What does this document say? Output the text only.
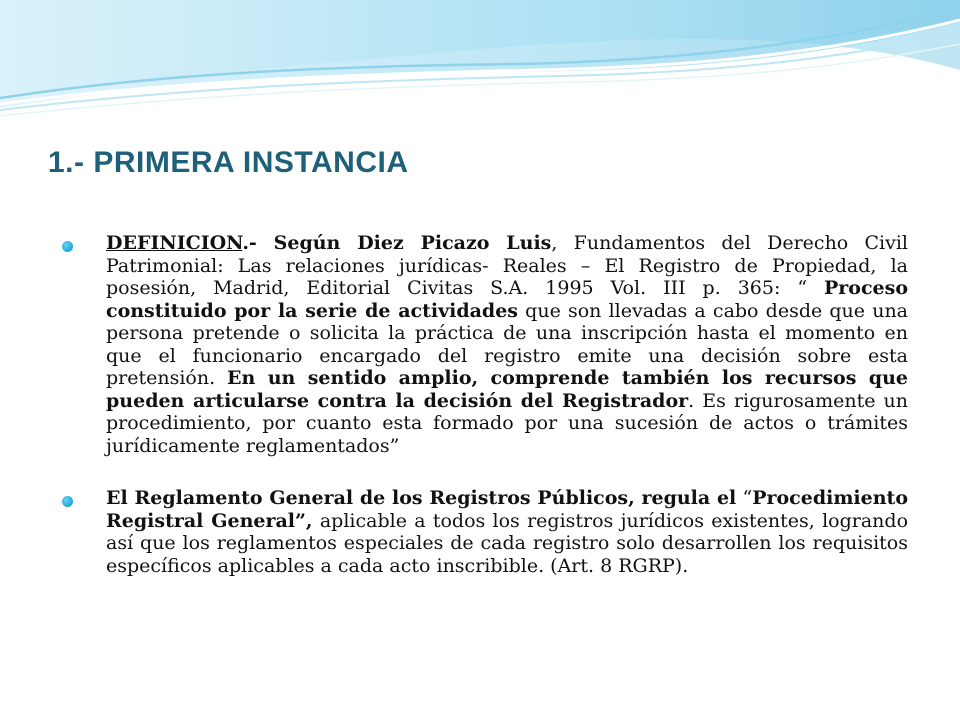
1.- PRIMERA INSTANCIA

DEFINICION.- Según Diez Picazo Luis, Fundamentos del Derecho Civil Patrimonial: Las relaciones jurídicas- Reales – El Registro de Propiedad, la posesión, Madrid, Editorial Civitas S.A. 1995 Vol. III p. 365: “ Proceso constituido por la serie de actividades que son llevadas a cabo desde que una persona pretende o solicita la práctica de una inscripción hasta el momento en que el funcionario encargado del registro emite una decisión sobre esta pretensión. En un sentido amplio, comprende también los recursos que pueden articularse contra la decisión del Registrador. Es rigurosamente un procedimiento, por cuanto esta formado por una sucesión de actos o trámites jurídicamente reglamentados”

El Reglamento General de los Registros Públicos, regula el “Procedimiento Registral General”, aplicable a todos los registros jurídicos existentes, logrando así que los reglamentos especiales de cada registro solo desarrollen los requisitos específicos aplicables a cada acto inscribible. (Art. 8 RGRP).
